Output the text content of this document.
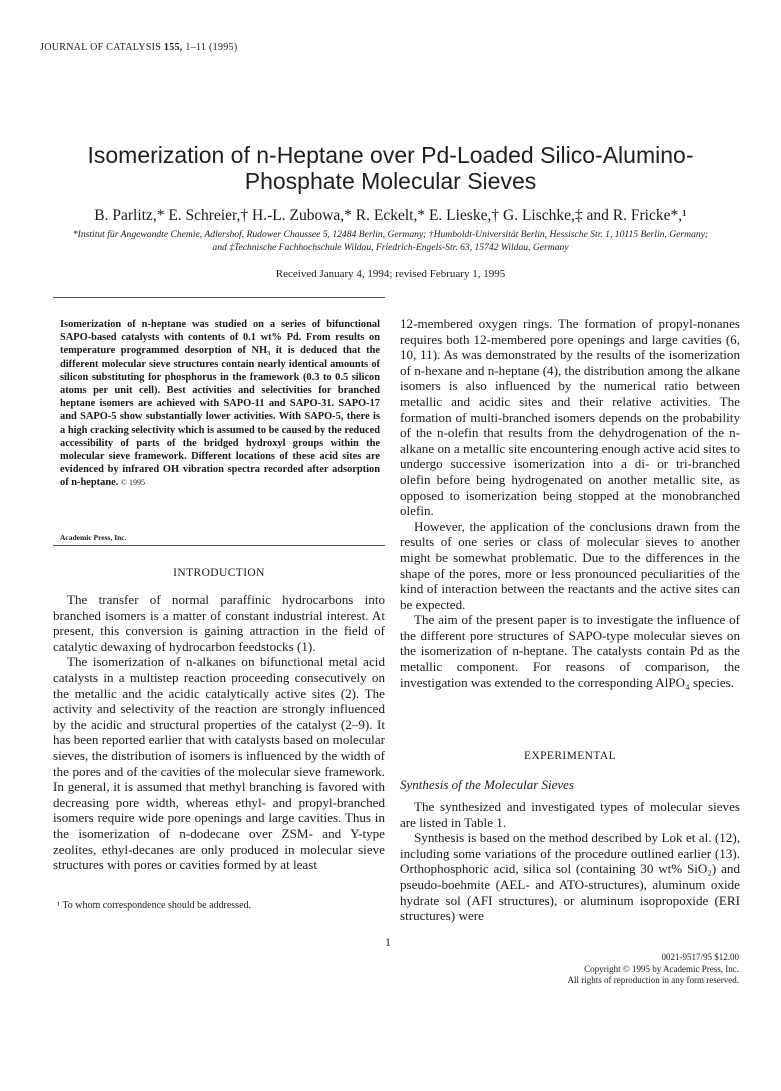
JOURNAL OF CATALYSIS 155, 1–11 (1995)
Isomerization of n-Heptane over Pd-Loaded Silico-Alumino-
Phosphate Molecular Sieves
B. Parlitz,* E. Schreier,† H.-L. Zubowa,* R. Eckelt,* E. Lieske,† G. Lischke,‡ and R. Fricke*,¹
*Institut für Angewandte Chemie, Adlershof, Rudower Chaussee 5, 12484 Berlin, Germany; †Humboldt-Universität Berlin, Hessische Str. 1, 10115 Berlin, Germany; and ‡Technische Fachhochschule Wildau, Friedrich-Engels-Str. 63, 15742 Wildau, Germany
Received January 4, 1994; revised February 1, 1995
Isomerization of n-heptane was studied on a series of bifunctional SAPO-based catalysts with contents of 0.1 wt% Pd. From results on temperature programmed desorption of NH₃ it is deduced that the different molecular sieve structures contain nearly identical amounts of silicon substituting for phosphorus in the framework (0.3 to 0.5 silicon atoms per unit cell). Best activities and selectivities for branched heptane isomers are achieved with SAPO-11 and SAPO-31. SAPO-17 and SAPO-5 show substantially lower activities. With SAPO-5, there is a high cracking selectivity which is assumed to be caused by the reduced accessibility of parts of the bridged hydroxyl groups within the molecular sieve framework. Different locations of these acid sites are evidenced by infrared OH vibration spectra recorded after adsorption of n-heptane. © 1995
Academic Press, Inc.
INTRODUCTION

The transfer of normal paraffinic hydrocarbons into branched isomers is a matter of constant industrial interest. At present, this conversion is gaining attraction in the field of catalytic dewaxing of hydrocarbon feedstocks (1).

The isomerization of n-alkanes on bifunctional metal acid catalysts in a multistep reaction proceeding consecutively on the metallic and the acidic catalytically active sites (2). The activity and selectivity of the reaction are strongly influenced by the acidic and structural properties of the catalyst (2–9). It has been reported earlier that with catalysts based on molecular sieves, the distribution of isomers is influenced by the width of the pores and of the cavities of the molecular sieve framework. In general, it is assumed that methyl branching is favored with decreasing pore width, whereas ethyl- and propyl-branched isomers require wide pore openings and large cavities. Thus in the isomerization of n-dodecane over ZSM- and Y-type zeolites, ethyl-decanes are only produced in molecular sieve structures with pores or cavities formed by at least

12-membered oxygen rings. The formation of propyl-nonanes requires both 12-membered pore openings and large cavities (6, 10, 11). As was demonstrated by the results of the isomerization of n-hexane and n-heptane (4), the distribution among the alkane isomers is also influenced by the numerical ratio between metallic and acidic sites and their relative activities. The formation of multi-branched isomers depends on the probability of the n-olefin that results from the dehydrogenation of the n-alkane on a metallic site encountering enough active acid sites to undergo successive isomerization into a di- or tri-branched olefin before being hydrogenated on another metallic site, as opposed to isomerization being stopped at the monobranched olefin.

However, the application of the conclusions drawn from the results of one series or class of molecular sieves to another might be somewhat problematic. Due to the differences in the shape of the pores, more or less pronounced peculiarities of the kind of interaction between the reactants and the active sites can be expected.

The aim of the present paper is to investigate the influence of the different pore structures of SAPO-type molecular sieves on the isomerization of n-heptane. The catalysts contain Pd as the metallic component. For reasons of comparison, the investigation was extended to the corresponding AlPO₄ species.

EXPERIMENTAL
Synthesis of the Molecular Sieves

The synthesized and investigated types of molecular sieves are listed in Table 1.

Synthesis is based on the method described by Lok et al. (12), including some variations of the procedure outlined earlier (13). Orthophosphoric acid, silica sol (containing 30 wt% SiO₂) and pseudo-boehmite (AEL- and ATO-structures), aluminum oxide hydrate sol (AFI structures), or aluminum isopropoxide (ERI structures) were

¹ To whom correspondence should be addressed.
1
0021-9517/95 $12.00
Copyright © 1995 by Academic Press, Inc.
All rights of reproduction in any form reserved.
